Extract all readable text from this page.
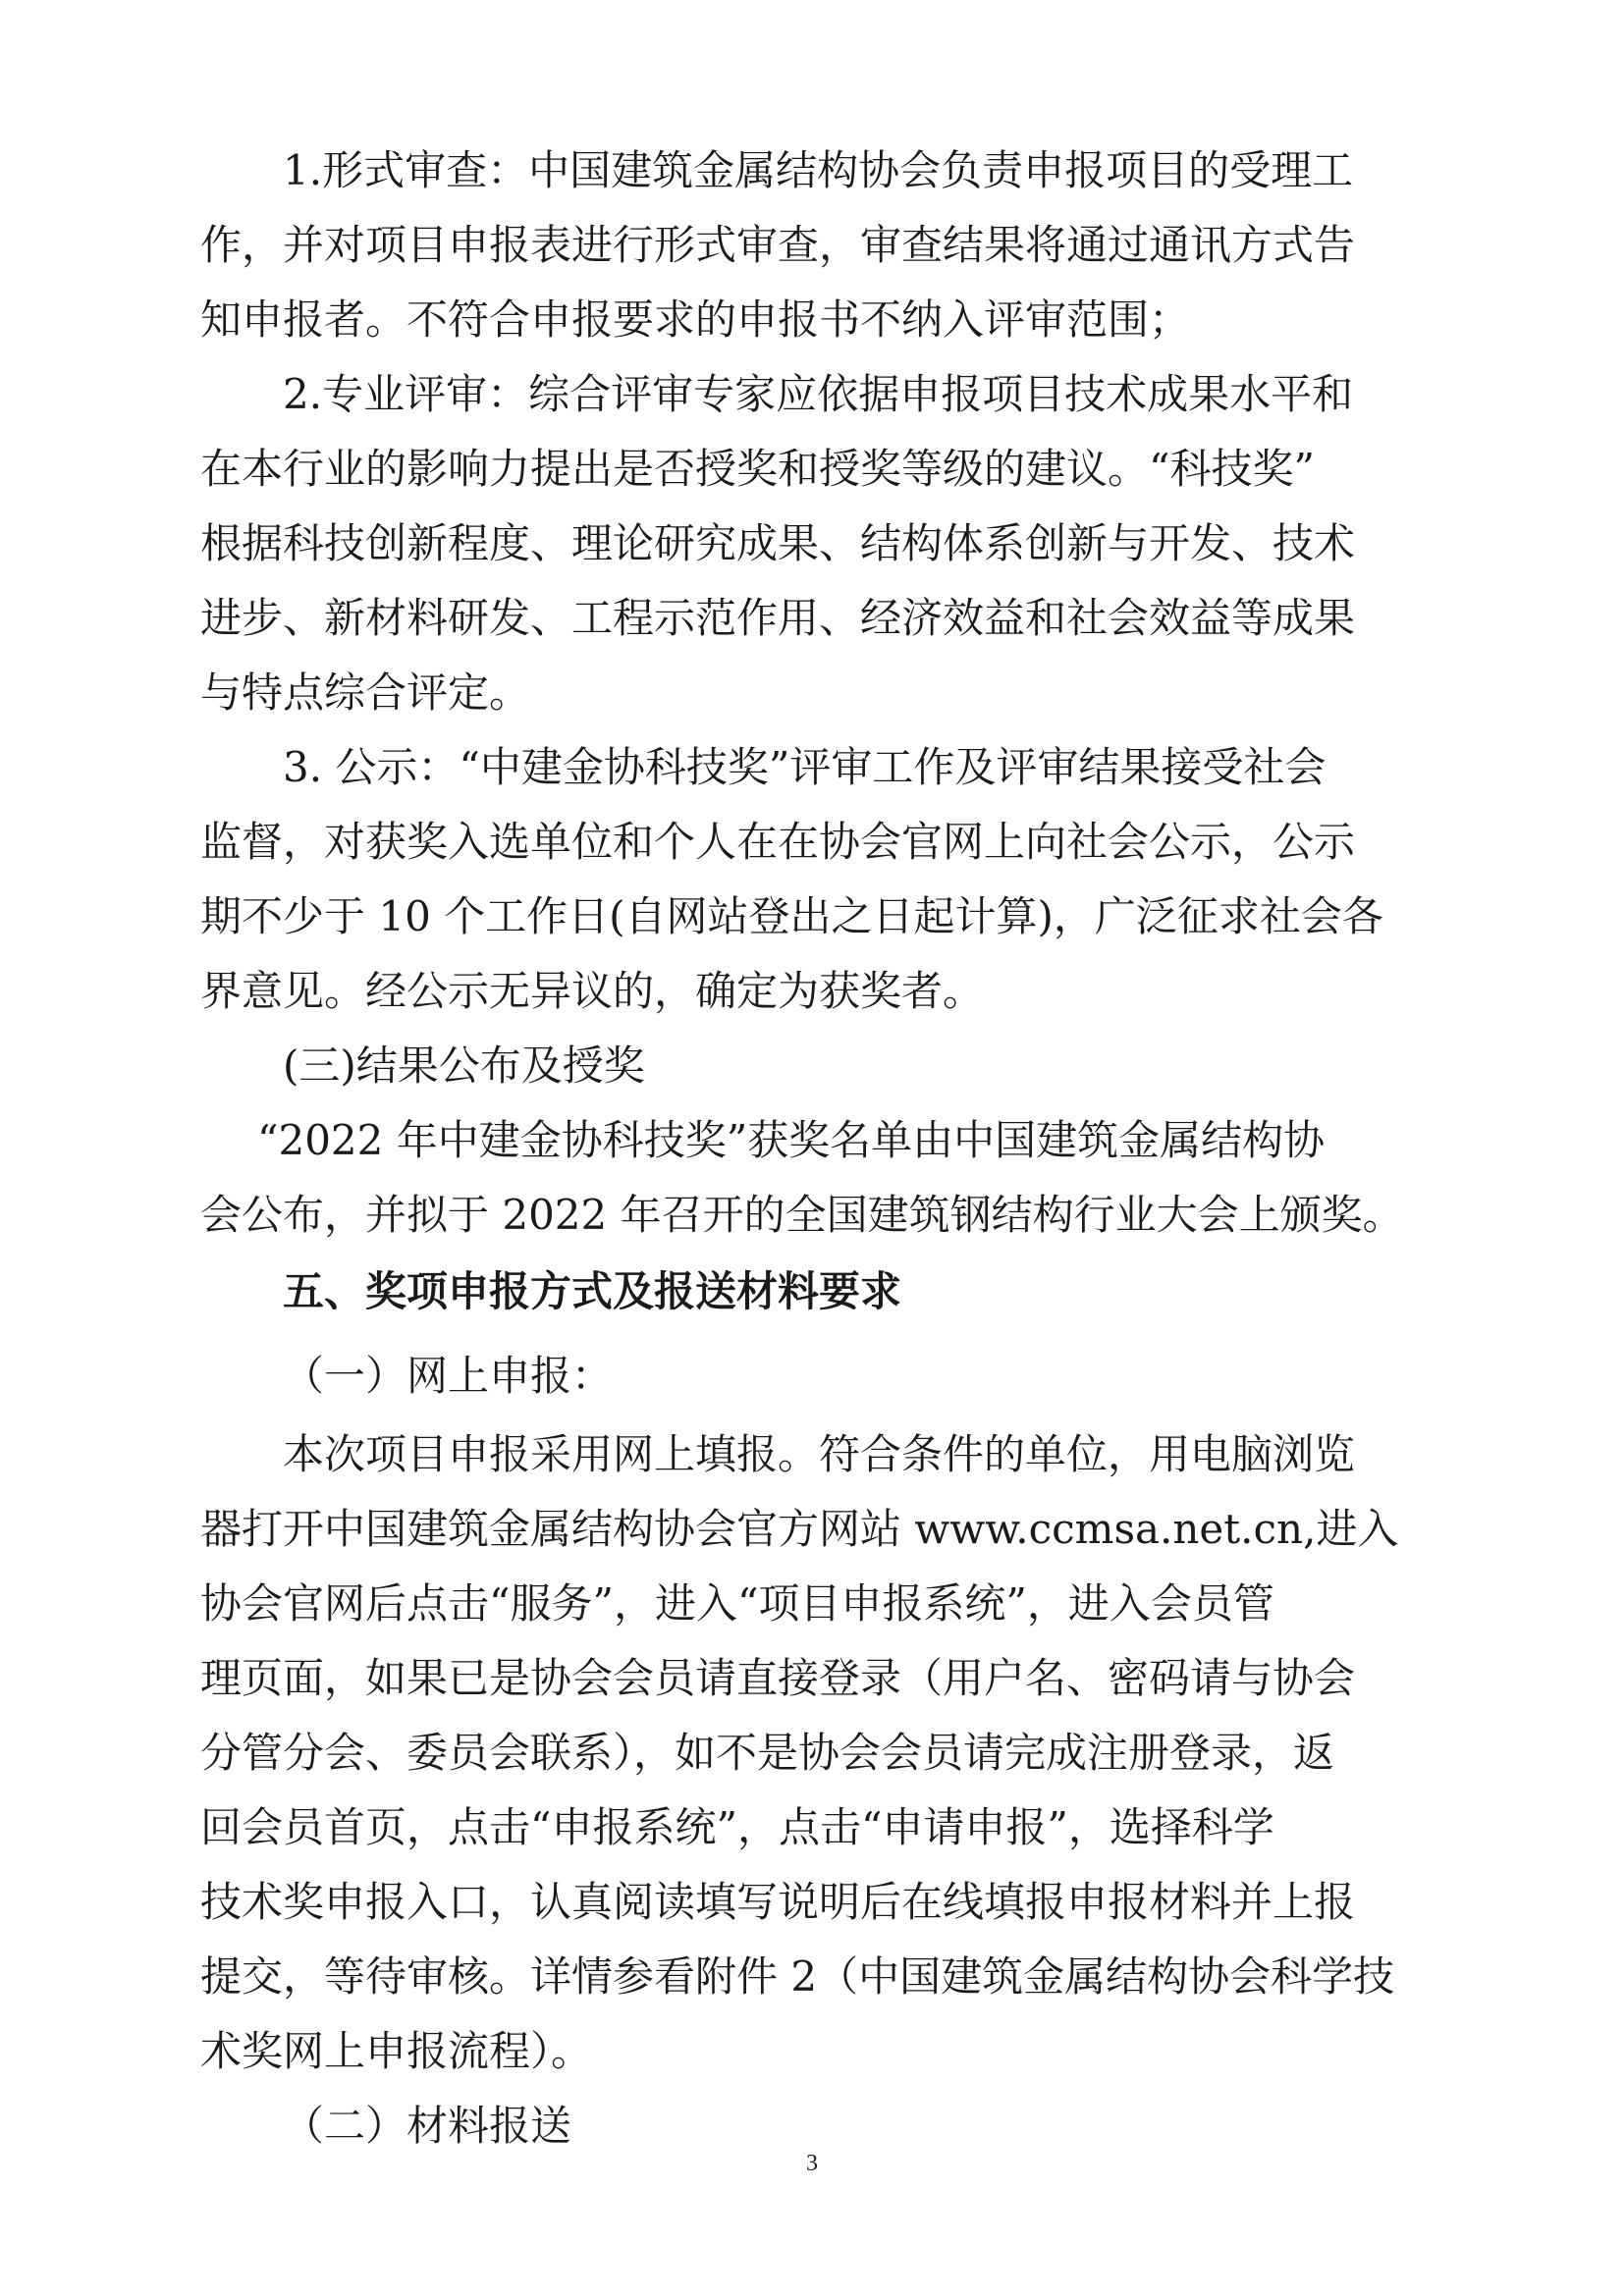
1.形式审查：中国建筑金属结构协会负责申报项目的受理工
作，并对项目申报表进行形式审查，审查结果将通过通讯方式告
知申报者。不符合申报要求的申报书不纳入评审范围；
2.专业评审：综合评审专家应依据申报项目技术成果水平和
在本行业的影响力提出是否授奖和授奖等级的建议。“科技奖”
根据科技创新程度、理论研究成果、结构体系创新与开发、技术
进步、新材料研发、工程示范作用、经济效益和社会效益等成果
与特点综合评定。
3. 公示：“中建金协科技奖”评审工作及评审结果接受社会
监督，对获奖入选单位和个人在在协会官网上向社会公示，公示
期不少于 10 个工作日(自网站登出之日起计算)，广泛征求社会各
界意见。经公示无异议的，确定为获奖者。
(三)结果公布及授奖
“2022 年中建金协科技奖”获奖名单由中国建筑金属结构协
会公布，并拟于 2022 年召开的全国建筑钢结构行业大会上颁奖。
五、奖项申报方式及报送材料要求
（一）网上申报：
本次项目申报采用网上填报。符合条件的单位，用电脑浏览
器打开中国建筑金属结构协会官方网站 www.ccmsa.net.cn,进入
协会官网后点击“服务”，进入“项目申报系统”，进入会员管
理页面，如果已是协会会员请直接登录（用户名、密码请与协会
分管分会、委员会联系），如不是协会会员请完成注册登录，返
回会员首页，点击“申报系统”，点击“申请申报”，选择科学
技术奖申报入口，认真阅读填写说明后在线填报申报材料并上报
提交，等待审核。详情参看附件 2（中国建筑金属结构协会科学技
术奖网上申报流程）。
（二）材料报送
3
